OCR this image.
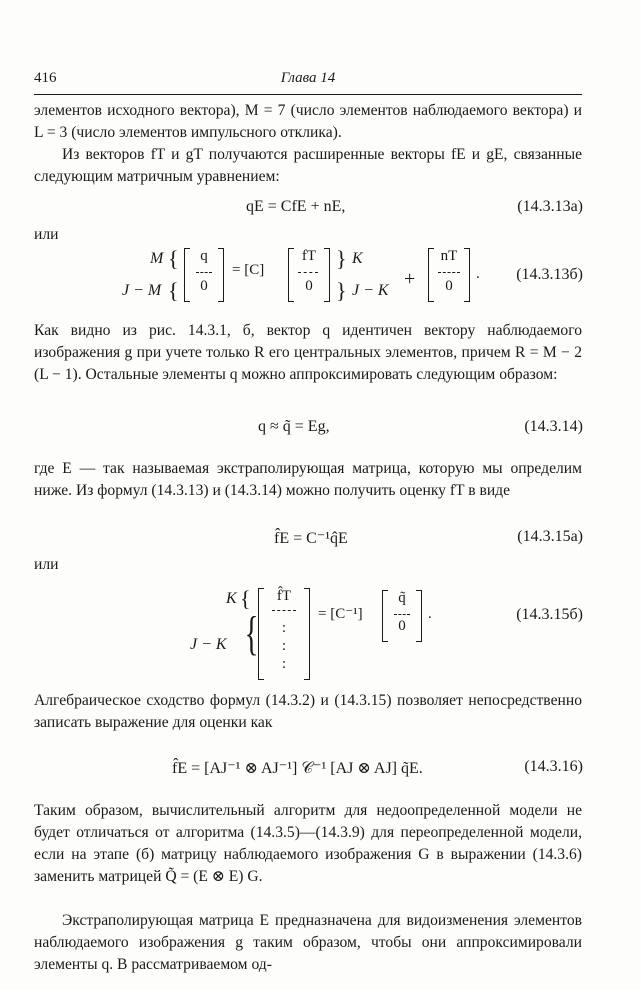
416	Глава 14
элементов исходного вектора), M = 7 (число элементов наблюдаемого вектора) и L = 3 (число элементов импульсного отклика).
Из векторов fT и gT получаются расширенные векторы fE и gE, связанные следующим матричным уравнением:
qE = CfE + nE,	(14.3.13а)
или
M {
J − M {
q
0
= [C]
fT
0
} K
} J − K
+
nT
0
. (14.3.13б)
Как видно из рис. 14.3.1, б, вектор q идентичен вектору наблюдаемого изображения g при учете только R его центральных элементов, причем R = M − 2 (L − 1). Остальные элементы q можно аппроксимировать следующим образом:
q ≈ q̃ = Eg,	(14.3.14)
где E — так называемая экстраполирующая матрица, которую мы определим ниже. Из формул (14.3.13) и (14.3.14) можно получить оценку fT в виде
f̂E = C⁻¹q̂E	(14.3.15а)
или
K {
J − K {
f̂T
:
:
:
= [C⁻¹]
q̃
0
.	(14.3.15б)
Алгебраическое сходство формул (14.3.2) и (14.3.15) позволяет непосредственно записать выражение для оценки как
f̂E = [AJ⁻¹ ⊗ AJ⁻¹] 𝒞⁻¹ [AJ ⊗ AJ] q̃E.	(14.3.16)
Таким образом, вычислительный алгоритм для недоопределенной модели не будет отличаться от алгоритма (14.3.5)—(14.3.9) для переопределенной модели, если на этапе (б) матрицу наблюдаемого изображения G в выражении (14.3.6) заменить матрицей Q̃ = (E ⊗ E) G.
Экстраполирующая матрица E предназначена для видоизменения элементов наблюдаемого изображения g таким образом, чтобы они аппроксимировали элементы q. В рассматриваемом од-
